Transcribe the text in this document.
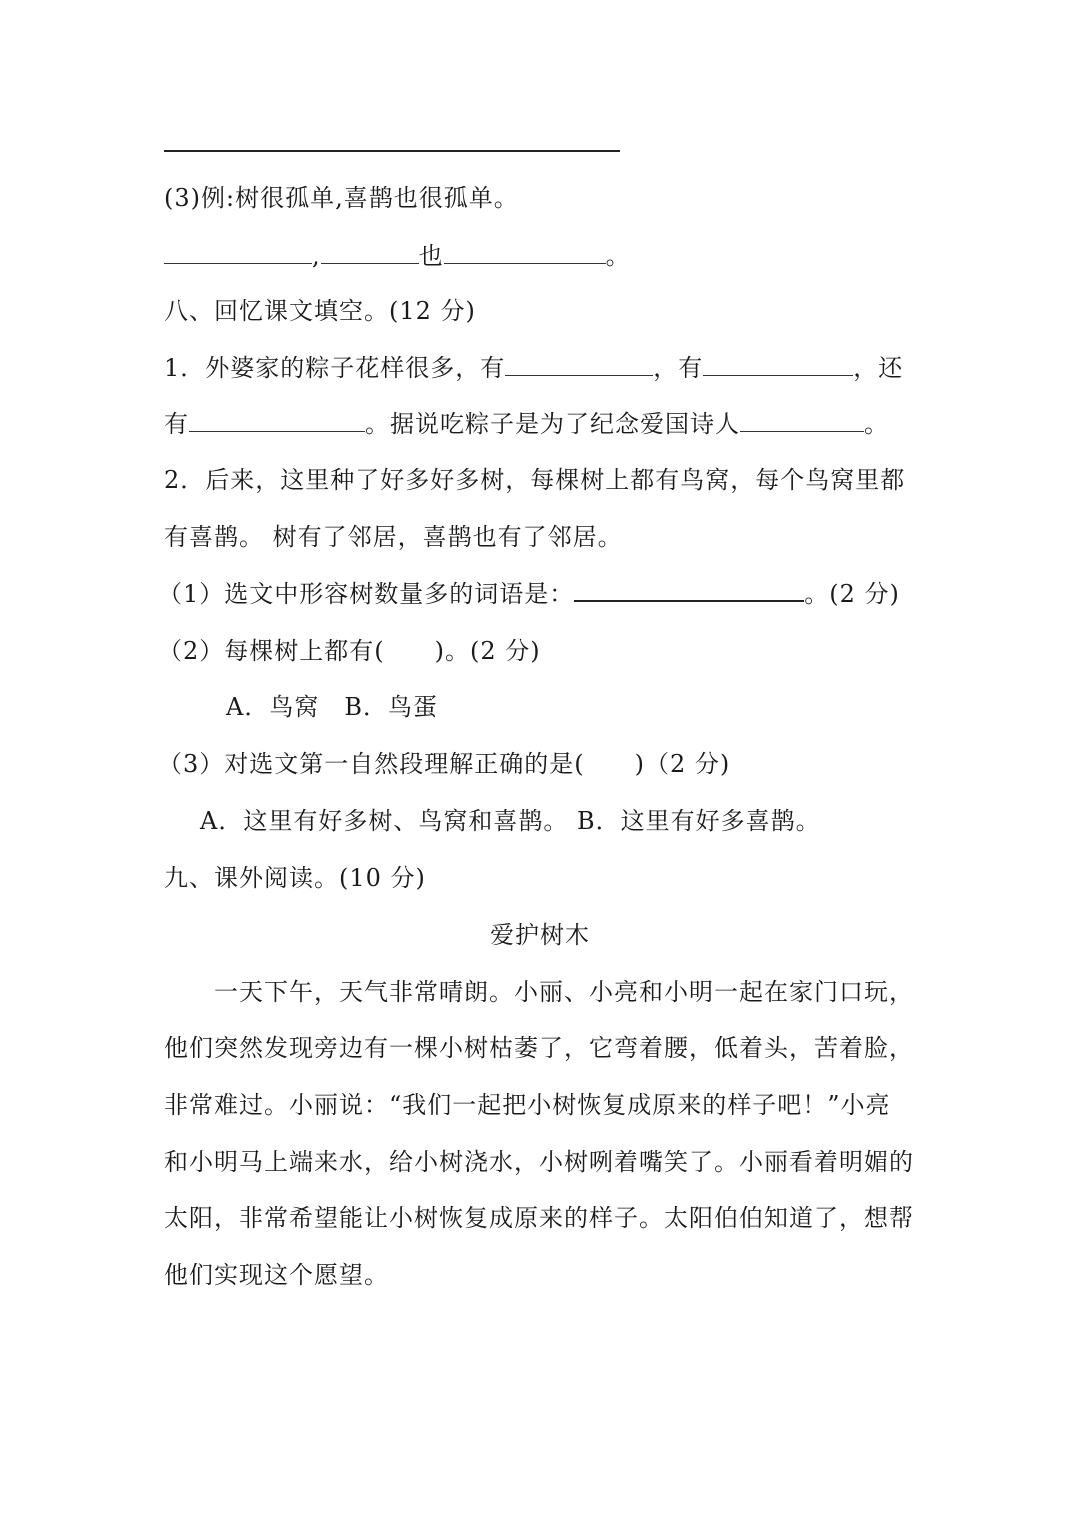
(3)例:树很孤单,喜鹊也很孤单。
,	也	。
八、回忆课文填空。(12 分)
1．外婆家的粽子花样很多，有	，有	，还
有	。据说吃粽子是为了纪念爱国诗人	。
2．后来，这里种了好多好多树，每棵树上都有鸟窝，每个鸟窝里都
有喜鹊。 树有了邻居，喜鹊也有了邻居。
（1）选文中形容树数量多的词语是：	。(2 分)
（2）每棵树上都有(　　)。(2 分)
A．鸟窝　B．鸟蛋
（3）对选文第一自然段理解正确的是(　　)（2 分)
A．这里有好多树、鸟窝和喜鹊。 B．这里有好多喜鹊。
九、课外阅读。(10 分)
爱护树木
　　一天下午，天气非常晴朗。小丽、小亮和小明一起在家门口玩，
他们突然发现旁边有一棵小树枯萎了，它弯着腰，低着头，苦着脸，
非常难过。小丽说：“我们一起把小树恢复成原来的样子吧！”小亮
和小明马上端来水，给小树浇水，小树咧着嘴笑了。小丽看着明媚的
太阳，非常希望能让小树恢复成原来的样子。太阳伯伯知道了，想帮
他们实现这个愿望。
